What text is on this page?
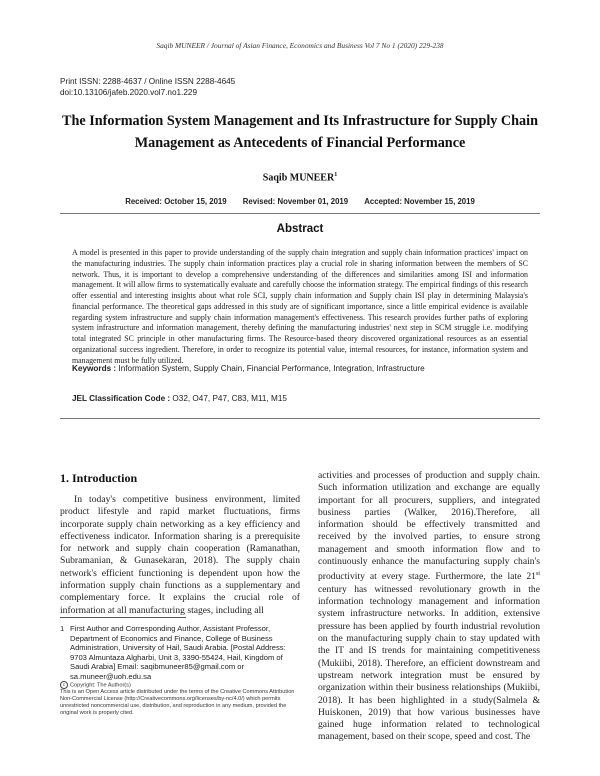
Saqib MUNEER / Journal of Asian Finance, Economics and Business Vol 7 No 1 (2020) 229-238
Print ISSN: 2288-4637 / Online ISSN 2288-4645
doi:10.13106/jafeb.2020.vol7.no1.229
The Information System Management and Its Infrastructure for Supply Chain Management as Antecedents of Financial Performance
Saqib MUNEER$^1$
Received: October 15, 2019 Revised: November 01, 2019 Accepted: November 15, 2019
Abstract
A model is presented in this paper to provide understanding of the supply chain integration and supply chain information practices' impact on the manufacturing industries. The supply chain information practices play a crucial role in sharing information between the members of SC network. Thus, it is important to develop a comprehensive understanding of the differences and similarities among ISI and information management. It will allow firms to systematically evaluate and carefully choose the information strategy. The empirical findings of this research offer essential and interesting insights about what role SCI, supply chain information and Supply chain ISI play in determining Malaysia's financial performance. The theoretical gaps addressed in this study are of significant importance, since a little empirical evidence is available regarding system infrastructure and supply chain information management's effectiveness. This research provides further paths of exploring system infrastructure and information management, thereby defining the manufacturing industries' next step in SCM struggle i.e. modifying total integrated SC principle in other manufacturing firms. The Resource-based theory discovered organizational resources as an essential organizational success ingredient. Therefore, in order to recognize its potential value, internal resources, for instance, information system and management must be fully utilized.
Keywords : Information System, Supply Chain, Financial Performance, Integration, Infrastructure
JEL Classification Code : O32, O47, P47, C83, M11, M15
1. Introduction

In today's competitive business environment, limited product lifestyle and rapid market fluctuations, firms incorporate supply chain networking as a key efficiency and effectiveness indicator. Information sharing is a prerequisite for network and supply chain cooperation (Ramanathan, Subramanian, & Gunasekaran, 2018). The supply chain network's efficient functioning is dependent upon how the information supply chain functions as a supplementary and complementary force. It explains the crucial role of information at all manufacturing stages, including all

activities and processes of production and supply chain. Such information utilization and exchange are equally important for all procurers, suppliers, and integrated business parties (Walker, 2016).Therefore, all information should be effectively transmitted and received by the involved parties, to ensure strong management and smooth information flow and to continuously enhance the manufacturing supply chain's productivity at every stage. Furthermore, the late 21st century has witnessed revolutionary growth in the information technology management and information system infrastructure networks. In addition, extensive pressure has been applied by fourth industrial revolution on the manufacturing supply chain to stay updated with the IT and IS trends for maintaining competitiveness (Mukiibi, 2018). Therefore, an efficient downstream and upstream network integration must be ensured by organization within their business relationships (Mukiibi, 2018). It has been highlighted in a study(Salmela & Huiskonen, 2019) that how various businesses have gained huge information related to technological management, based on their scope, speed and cost. The

1 First Author and Corresponding Author, Assistant Professor, Department of Economics and Finance, College of Business Administration, University of Hail, Saudi Arabia. [Postal Address: 9703 Almuntaza Algharbi, Unit 3, 3390-55424, Hail, Kingdom of Saudi Arabia] Email: saqibmuneer85@gmail.com or sa.muneer@uoh.edu.sa
c Copyright: The Author(s)
This is an Open Access article distributed under the terms of the Creative Commons Attribution Non-Commercial License (http://Creativecommons.org/licenses/by-nc/4.0/) which permits unrestricted noncommercial use, distribution, and reproduction in any medium, provided the original work is properly cited.
